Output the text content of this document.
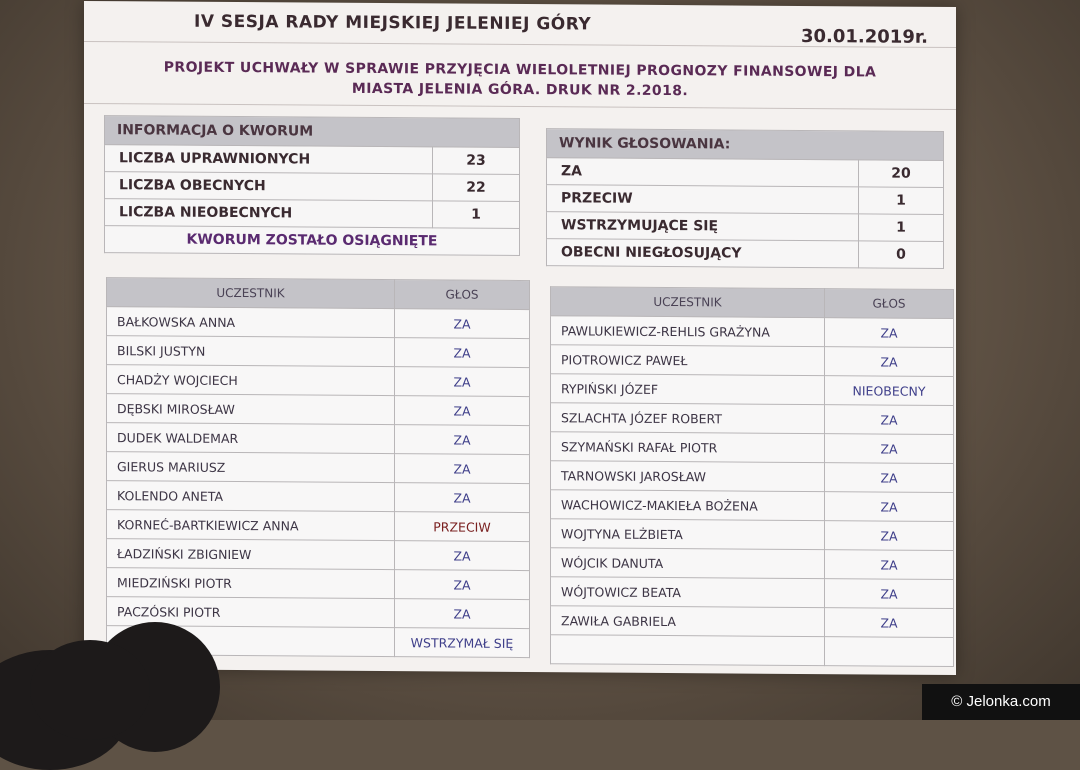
IV SESJA RADY MIEJSKIEJ JELENIEJ GÓRY
30.01.2019r.
PROJEKT UCHWAŁY W SPRAWIE PRZYJĘCIA WIELOLETNIEJ PROGNOZY FINANSOWEJ DLA
MIASTA JELENIA GÓRA. DRUK NR 2.2018.
INFORMACJA O KWORUM	
LICZBA UPRAWNIONYCH	23
LICZBA OBECNYCH	22
LICZBA NIEOBECNYCH	1
KWORUM ZOSTAŁO OSIĄGNIĘTE	
WYNIK GŁOSOWANIA:	
ZA	20
PRZECIW	1
WSTRZYMUJĄCE SIĘ	1
OBECNI NIEGŁOSUJĄCY	0
UCZESTNIK	GŁOS
BAŁKOWSKA ANNA	ZA
BILSKI JUSTYN	ZA
CHADŻY WOJCIECH	ZA
DĘBSKI MIROSŁAW	ZA
DUDEK WALDEMAR	ZA
GIERUS MARIUSZ	ZA
KOLENDO ANETA	ZA
KORNEĆ-BARTKIEWICZ ANNA	PRZECIW
ŁADZIŃSKI ZBIGNIEW	ZA
MIEDZIŃSKI PIOTR	ZA
PACZÓSKI PIOTR	ZA
	WSTRZYMAŁ SIĘ
UCZESTNIK	GŁOS
PAWLUKIEWICZ-REHLIS GRAŻYNA	ZA
PIOTROWICZ PAWEŁ	ZA
RYPIŃSKI JÓZEF	NIEOBECNY
SZLACHTA JÓZEF ROBERT	ZA
SZYMAŃSKI RAFAŁ PIOTR	ZA
TARNOWSKI JAROSŁAW	ZA
WACHOWICZ-MAKIEŁA BOŻENA	ZA
WOJTYNA ELŻBIETA	ZA
WÓJCIK DANUTA	ZA
WÓJTOWICZ BEATA	ZA
ZAWIŁA GABRIELA	ZA

© Jelonka.com
